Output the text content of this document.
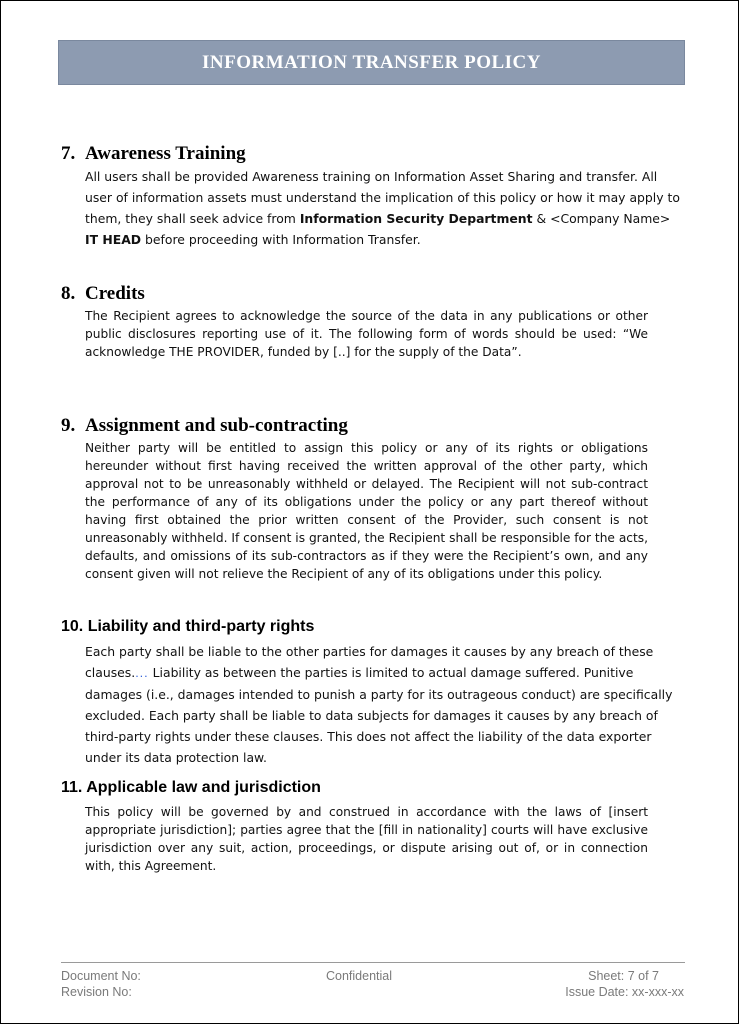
INFORMATION TRANSFER POLICY
7. Awareness Training

All users shall be provided Awareness training on Information Asset Sharing and transfer. All user of information assets must understand the implication of this policy or how it may apply to them, they shall seek advice from Information Security Department & <Company Name> IT HEAD before proceeding with Information Transfer.

8. Credits

The Recipient agrees to acknowledge the source of the data in any publications or other public disclosures reporting use of it. The following form of words should be used: “We acknowledge THE PROVIDER, funded by [..] for the supply of the Data”.

9. Assignment and sub-contracting

Neither party will be entitled to assign this policy or any of its rights or obligations hereunder without first having received the written approval of the other party, which approval not to be unreasonably withheld or delayed. The Recipient will not sub-contract the performance of any of its obligations under the policy or any part thereof without having first obtained the prior written consent of the Provider, such consent is not unreasonably withheld. If consent is granted, the Recipient shall be responsible for the acts, defaults, and omissions of its sub-contractors as if they were the Recipient’s own, and any consent given will not relieve the Recipient of any of its obligations under this policy.

10. Liability and third-party rights

Each party shall be liable to the other parties for damages it causes by any breach of these clauses.... Liability as between the parties is limited to actual damage suffered. Punitive damages (i.e., damages intended to punish a party for its outrageous conduct) are specifically excluded. Each party shall be liable to data subjects for damages it causes by any breach of third-party rights under these clauses. This does not affect the liability of the data exporter under its data protection law.

11. Applicable law and jurisdiction

This policy will be governed by and construed in accordance with the laws of [insert appropriate jurisdiction]; parties agree that the [fill in nationality] courts will have exclusive jurisdiction over any suit, action, proceedings, or dispute arising out of, or in connection with, this Agreement.

Document No:
Revision No:
Confidential	Sheet: 7 of 7
Issue Date: xx-xxx-xx
